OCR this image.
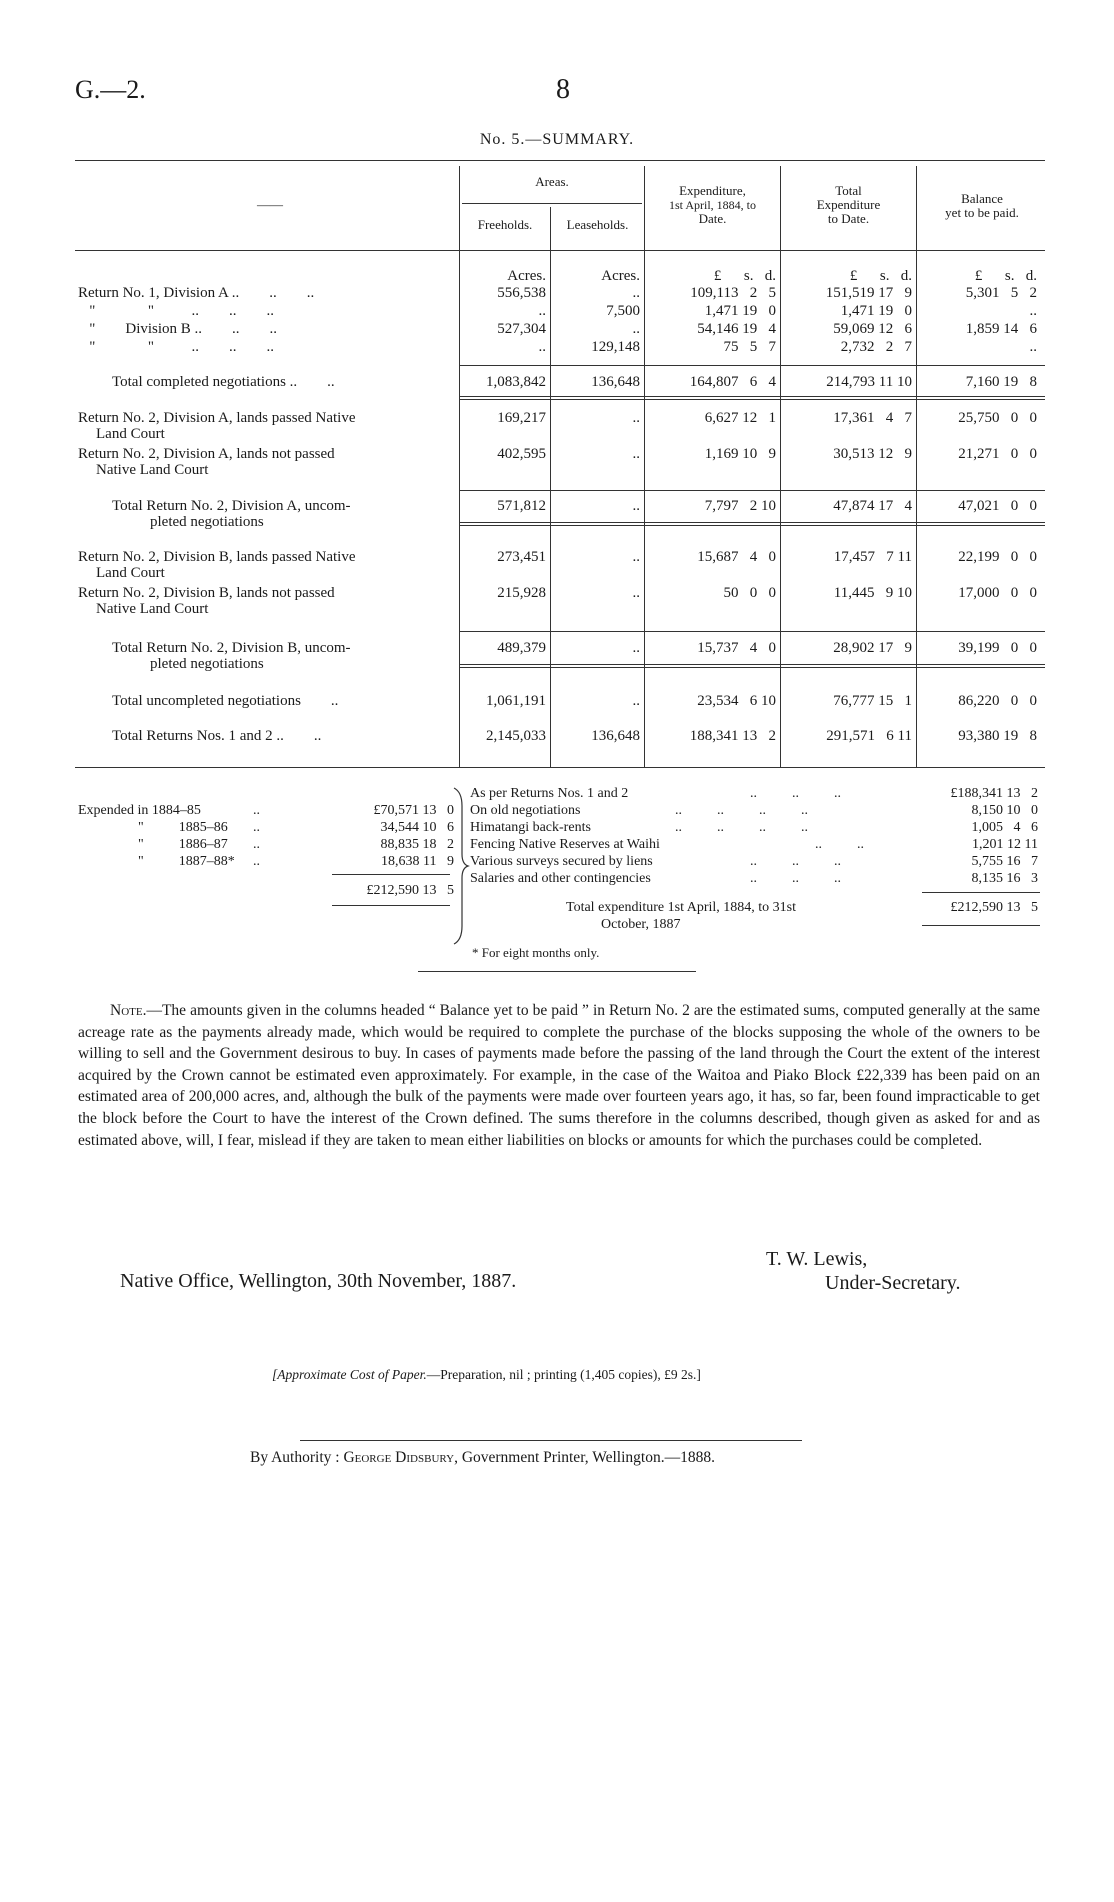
G.—2.	8
No. 5.—SUMMARY.
——
Areas.
Freeholds.	Leaseholds.
Expenditure,
1st April, 1884, to
Date.
Total
Expenditure
to Date.
Balance
yet to be paid.
Acres.	Acres.	£      s.   d.	£      s.   d.	£      s.   d.
Return No. 1, Division A ..        ..        ..	556,538	..	109,113   2   5	151,519 17   9	5,301   5   2
"              "          ..        ..        ..	..	7,500	1,471 19   0	1,471 19   0	..
"        Division B ..        ..        ..	527,304	..	54,146 19   4	59,069 12   6	1,859 14   6
"              "          ..        ..        ..	..	129,148	75   5   7	2,732   2   7	..
Total completed negotiations ..        ..	1,083,842	136,648	164,807   6   4	214,793 11 10	7,160 19   8
Return No. 2, Division A, lands passed Native	169,217	..	6,627 12   1	17,361   4   7	25,750   0   0
Land Court
Return No. 2, Division A, lands not passed	402,595	..	1,169 10   9	30,513 12   9	21,271   0   0
Native Land Court
Total Return No. 2, Division A, uncom-	571,812	..	7,797   2 10	47,874 17   4	47,021   0   0
pleted negotiations
Return No. 2, Division B, lands passed Native	273,451	..	15,687   4   0	17,457   7 11	22,199   0   0
Land Court
Return No. 2, Division B, lands not passed	215,928	..	50   0   0	11,445   9 10	17,000   0   0
Native Land Court
Total Return No. 2, Division B, uncom-	489,379	..	15,737   4   0	28,902 17   9	39,199   0   0
pleted negotiations
Total uncompleted negotiations        ..	1,061,191	..	23,534   6 10	76,777 15   1	86,220   0   0
Total Returns Nos. 1 and 2 ..        ..	2,145,033	136,648	188,341 13   2	291,571   6 11	93,380 19   8
Expended in 1884–85	..	£70,571 13   0
"          1885–86 ..	34,544 10   6
"          1886–87 ..	88,835 18   2
"          1887–88* ..	18,638 11   9
£212,590 13   5
As per Returns Nos. 1 and 2	..          ..          ..	£188,341 13   2
On old negotiations	..          ..          ..          ..	8,150 10   0
Himatangi back-rents	..          ..          ..          ..	1,005   4   6
Fencing Native Reserves at Waihi	..          ..	1,201 12 11
Various surveys secured by liens	..          ..          ..	5,755 16   7
Salaries and other contingencies	..          ..          ..	8,135 16   3
Total expenditure 1st April, 1884, to 31st
October, 1887
£212,590 13   5
* For eight months only.
Note.—The amounts given in the columns headed “ Balance yet to be paid ” in Return No. 2 are the estimated sums, computed generally at the same acreage rate as the payments already made, which would be required to complete the purchase of the blocks supposing the whole of the owners to be willing to sell and the Government desirous to buy. In cases of payments made before the passing of the land through the Court the extent of the interest acquired by the Crown cannot be estimated even approximately. For example, in the case of the Waitoa and Piako Block £22,339 has been paid on an estimated area of 200,000 acres, and, although the bulk of the payments were made over fourteen years ago, it has, so far, been found impracticable to get the block before the Court to have the interest of the Crown defined. The sums therefore in the columns described, though given as asked for and as estimated above, will, I fear, mislead if they are taken to mean either liabilities on blocks or amounts for which the purchases could be completed.
T. W. Lewis,
Native Office, Wellington, 30th November, 1887.	Under-Secretary.
[Approximate Cost of Paper.—Preparation, nil ; printing (1,405 copies), £9 2s.]
By Authority : George Didsbury, Government Printer, Wellington.—1888.
